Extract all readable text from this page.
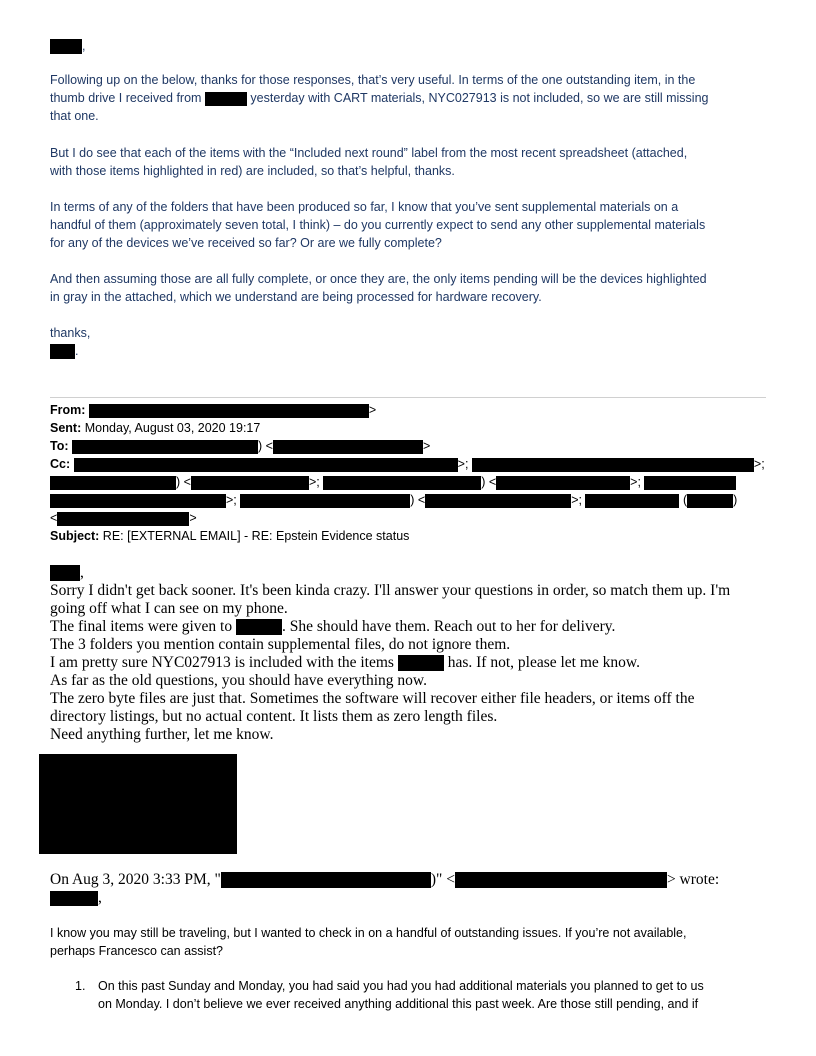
,
Following up on the below, thanks for those responses, that’s very useful. In terms of the one outstanding item, in the
thumb drive I received from	yesterday with CART materials, NYC027913 is not included, so we are still missing
that one.
But I do see that each of the items with the “Included next round” label from the most recent spreadsheet (attached,
with those items highlighted in red) are included, so that’s helpful, thanks.
In terms of any of the folders that have been produced so far, I know that you’ve sent supplemental materials on a
handful of them (approximately seven total, I think) – do you currently expect to send any other supplemental materials
for any of the devices we’ve received so far? Or are we fully complete?
And then assuming those are all fully complete, or once they are, the only items pending will be the devices highlighted
in gray in the attached, which we understand are being processed for hardware recovery.
thanks,
.
From:	>
Sent: Monday, August 03, 2020 19:17
To:	) <	>
Cc:	>;	>;
) <	>;	) <	>;
>;	) <	>;	(	)
<	>
Subject: RE: [EXTERNAL EMAIL] - RE: Epstein Evidence status
,
Sorry I didn't get back sooner. It's been kinda crazy. I'll answer your questions in order, so match them up. I'm
going off what I can see on my phone.
The final items were given to	. She should have them. Reach out to her for delivery.
The 3 folders you mention contain supplemental files, do not ignore them.
I am pretty sure NYC027913 is included with the items	has. If not, please let me know.
As far as the old questions, you should have everything now.
The zero byte files are just that. Sometimes the software will recover either file headers, or items off the
directory listings, but no actual content. It lists them as zero length files.
Need anything further, let me know.
On Aug 3, 2020 3:33 PM, "	)" <	> wrote:
,
I know you may still be traveling, but I wanted to check in on a handful of outstanding issues. If you’re not available,
perhaps Francesco can assist?
1. On this past Sunday and Monday, you had said you had you had additional materials you planned to get to us
on Monday. I don’t believe we ever received anything additional this past week. Are those still pending, and if
